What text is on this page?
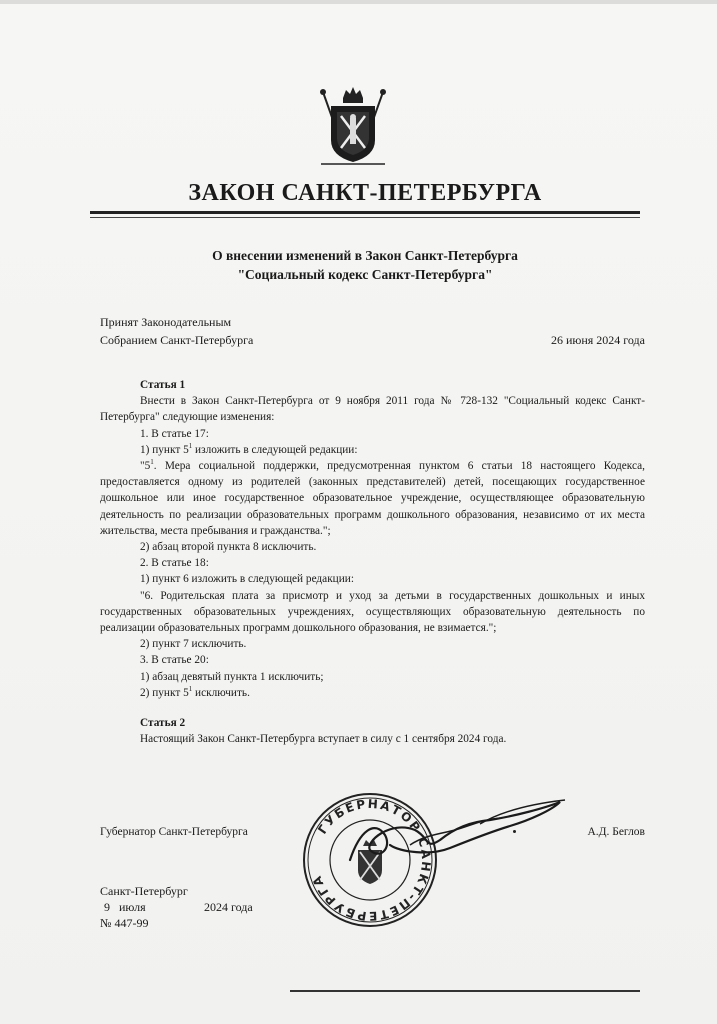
ЗАКОН САНКТ-ПЕТЕРБУРГА
О внесении изменений в Закон Санкт-Петербурга
"Социальный кодекс Санкт-Петербурга"
Принят Законодательным
Собранием Санкт-Петербурга	26 июня 2024 года

Статья 1

Внести в Закон Санкт-Петербурга от 9 ноября 2011 года № 728-132 "Социальный кодекс Санкт-Петербурга" следующие изменения:

1. В статье 17:

1) пункт $5^1$ изложить в следующей редакции:

"$5^1$. Мера социальной поддержки, предусмотренная пунктом 6 статьи 18 настоящего Кодекса, предоставляется одному из родителей (законных представителей) детей, посещающих государственное дошкольное или иное государственное образовательное учреждение, осуществляющее образовательную деятельность по реализации образовательных программ дошкольного образования, независимо от их места жительства, места пребывания и гражданства.";

2) абзац второй пункта 8 исключить.

2. В статье 18:

1) пункт 6 изложить в следующей редакции:

"6. Родительская плата за присмотр и уход за детьми в государственных дошкольных и иных государственных образовательных учреждениях, осуществляющих образовательную деятельность по реализации образовательных программ дошкольного образования, не взимается.";

2) пункт 7 исключить.

3. В статье 20:

1) абзац девятый пункта 1 исключить;

2) пункт $5^1$ исключить.

Статья 2

Настоящий Закон Санкт-Петербурга вступает в силу с 1 сентября 2024 года.

Губернатор Санкт-Петербурга	А.Д. Беглов
ГУБЕРНАТОР САНКТ-ПЕТЕРБУРГА
Санкт-Петербург
9 июля	2024 года
№ 447-99
